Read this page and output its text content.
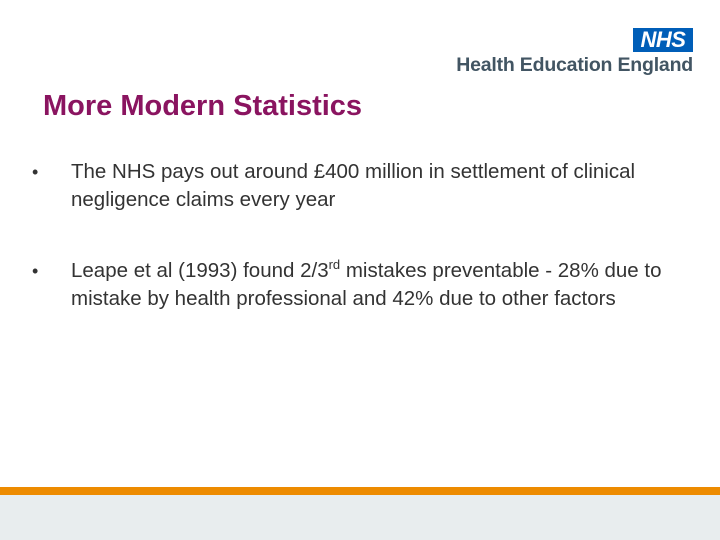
NHS
Health Education England
More Modern Statistics
•	The NHS pays out around £400 million in settlement of clinical negligence claims every year
•	Leape et al (1993) found 2/3rd mistakes preventable - 28% due to mistake by health professional and 42% due to other factors
